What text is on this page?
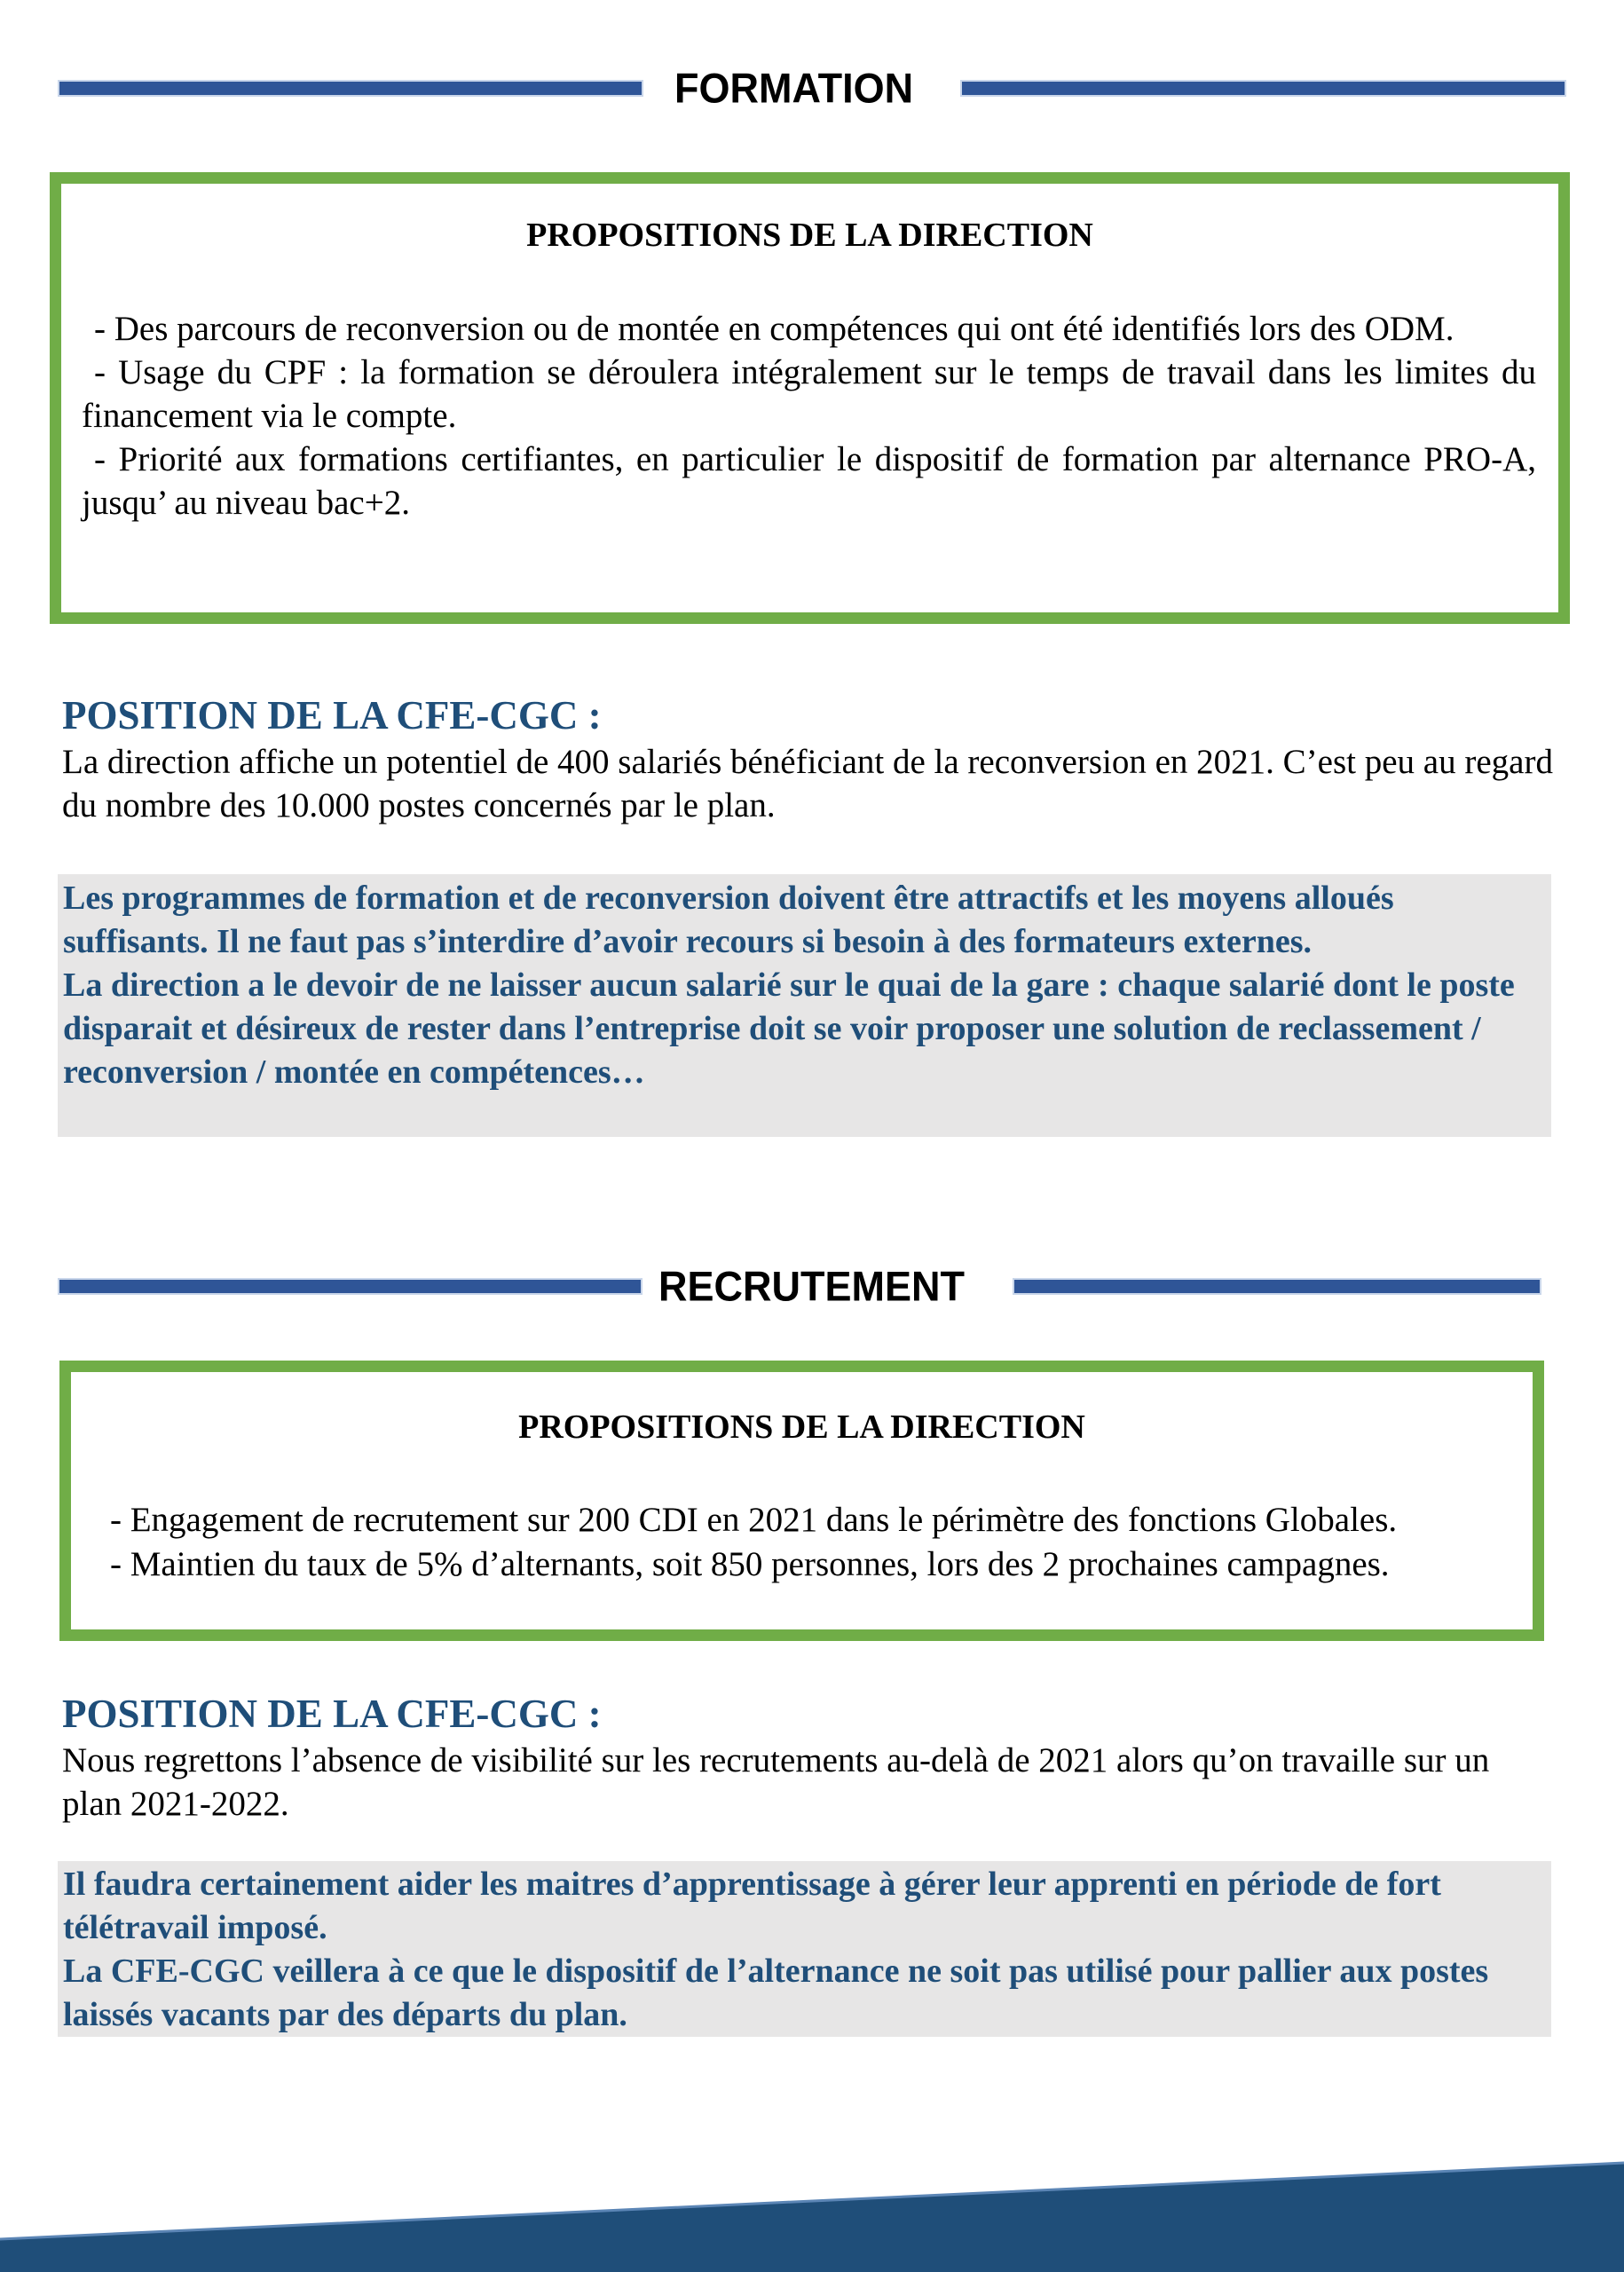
FORMATION
PROPOSITIONS DE LA DIRECTION

- Des parcours de reconversion ou de montée en compétences qui ont été identifiés lors des ODM.

- Usage du CPF : la formation se déroulera intégralement sur le temps de travail dans les limites du financement via le compte.

- Priorité aux formations certifiantes, en particulier le dispositif de formation par alternance PRO-A, jusqu’ au niveau bac+2.

POSITION DE LA CFE-CGC :

La direction affiche un potentiel de 400 salariés bénéficiant de la reconversion en 2021. C’est peu au regard du nombre des 10.000 postes concernés par le plan.

Les programmes de formation et de reconversion doivent être attractifs et les moyens alloués suffisants. Il ne faut pas s’interdire d’avoir recours si besoin à des formateurs externes.

La direction a le devoir de ne laisser aucun salarié sur le quai de la gare : chaque salarié dont le poste disparait et désireux de rester dans l’entreprise doit se voir proposer une solution de reclassement / reconversion / montée en compétences…

RECRUTEMENT
PROPOSITIONS DE LA DIRECTION

- Engagement de recrutement sur 200 CDI en 2021 dans le périmètre des fonctions Globales.

- Maintien du taux de 5% d’alternants, soit 850 personnes, lors des 2 prochaines campagnes.

POSITION DE LA CFE-CGC :

Nous regrettons l’absence de visibilité sur les recrutements au-delà de 2021 alors qu’on travaille sur un plan 2021-2022.

Il faudra certainement aider les maitres d’apprentissage à gérer leur apprenti en période de fort télétravail imposé.

La CFE-CGC veillera à ce que le dispositif de l’alternance ne soit pas utilisé pour pallier aux postes laissés vacants par des départs du plan.
